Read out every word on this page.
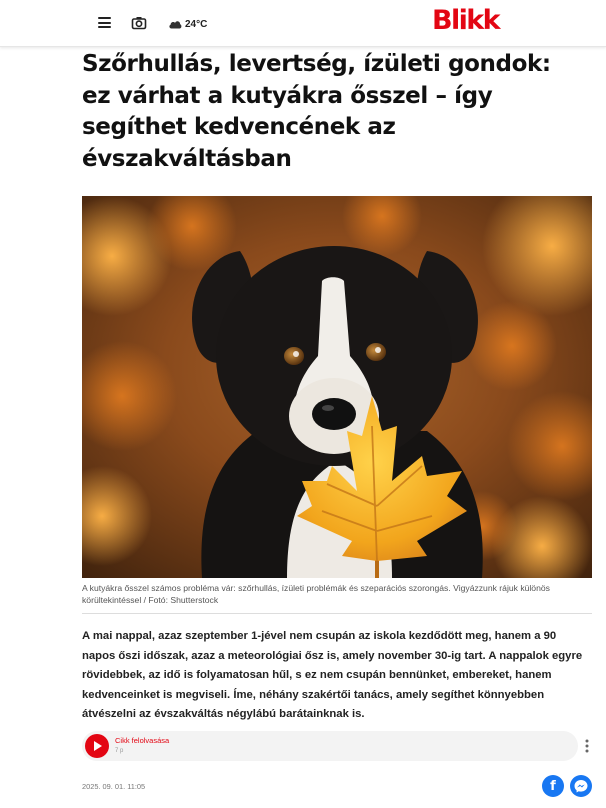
24°C	Blikk
Szőrhullás, levertség, ízületi gondok: ez várhat a kutyákra ősszel – így segíthet kedvencének az évszakváltásban

A kutyákra ősszel számos probléma vár: szőrhullás, ízületi problémák és szeparációs szorongás. Vigyázzunk rájuk különös körültekintéssel / Fotó: Shutterstock

A mai nappal, azaz szeptember 1-jével nem csupán az iskola kezdődött meg, hanem a 90 napos őszi időszak, azaz a meteorológiai ősz is, amely november 30-ig tart. A nappalok egyre rövidebbek, az idő is folyamatosan hűl, s ez nem csupán bennünket, embereket, hanem kedvenceinket is megviseli. Íme, néhány szakértői tanács, amely segíthet könnyebben átvészelni az évszakváltás négylábú barátainknak is.

Cikk felolvasása
7 p
2025. 09. 01. 11:05	f
